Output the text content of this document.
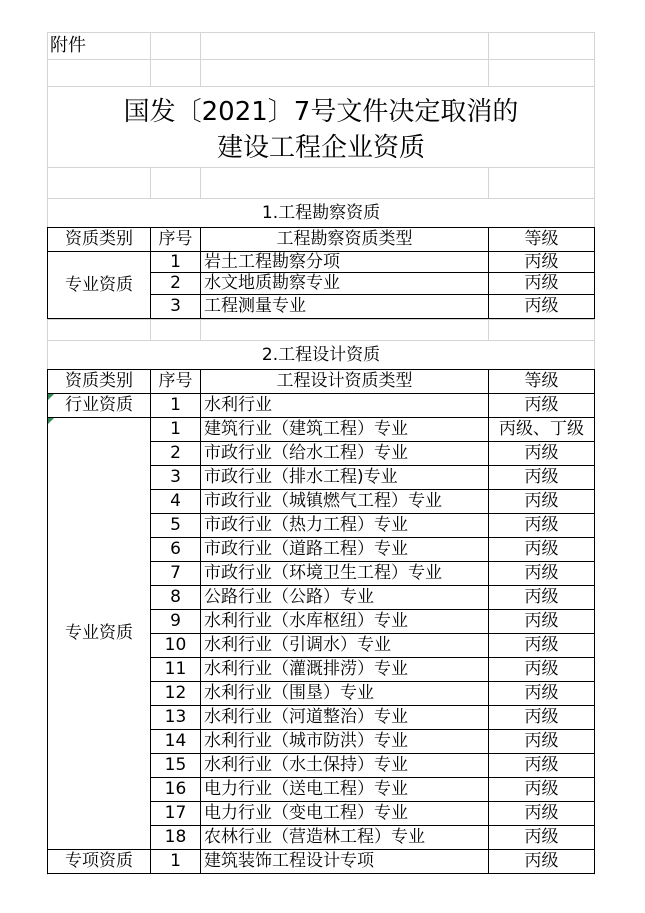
附件
国发〔2021〕7号文件决定取消的
建设工程企业资质
1.工程勘察资质
资质类别	序号	工程勘察资质类型	等级
专业资质
1	岩土工程勘察分项	丙级
2	水文地质勘察专业	丙级
3	工程测量专业	丙级
2.工程设计资质
资质类别	序号	工程设计资质类型	等级
行业资质	1	水利行业	丙级
专业资质
1	建筑行业（建筑工程）专业	丙级、丁级
2	市政行业（给水工程）专业	丙级
3	市政行业（排水工程)专业	丙级
4	市政行业（城镇燃气工程）专业	丙级
5	市政行业（热力工程）专业	丙级
6	市政行业（道路工程）专业	丙级
7	市政行业（环境卫生工程）专业	丙级
8	公路行业（公路）专业	丙级
9	水利行业（水库枢纽）专业	丙级
10	水利行业（引调水）专业	丙级
11	水利行业（灌溉排涝）专业	丙级
12	水利行业（围垦）专业	丙级
13	水利行业（河道整治）专业	丙级
14	水利行业（城市防洪）专业	丙级
15	水利行业（水土保持）专业	丙级
16	电力行业（送电工程）专业	丙级
17	电力行业（变电工程）专业	丙级
18	农林行业（营造林工程）专业	丙级
专项资质	1	建筑装饰工程设计专项	丙级
